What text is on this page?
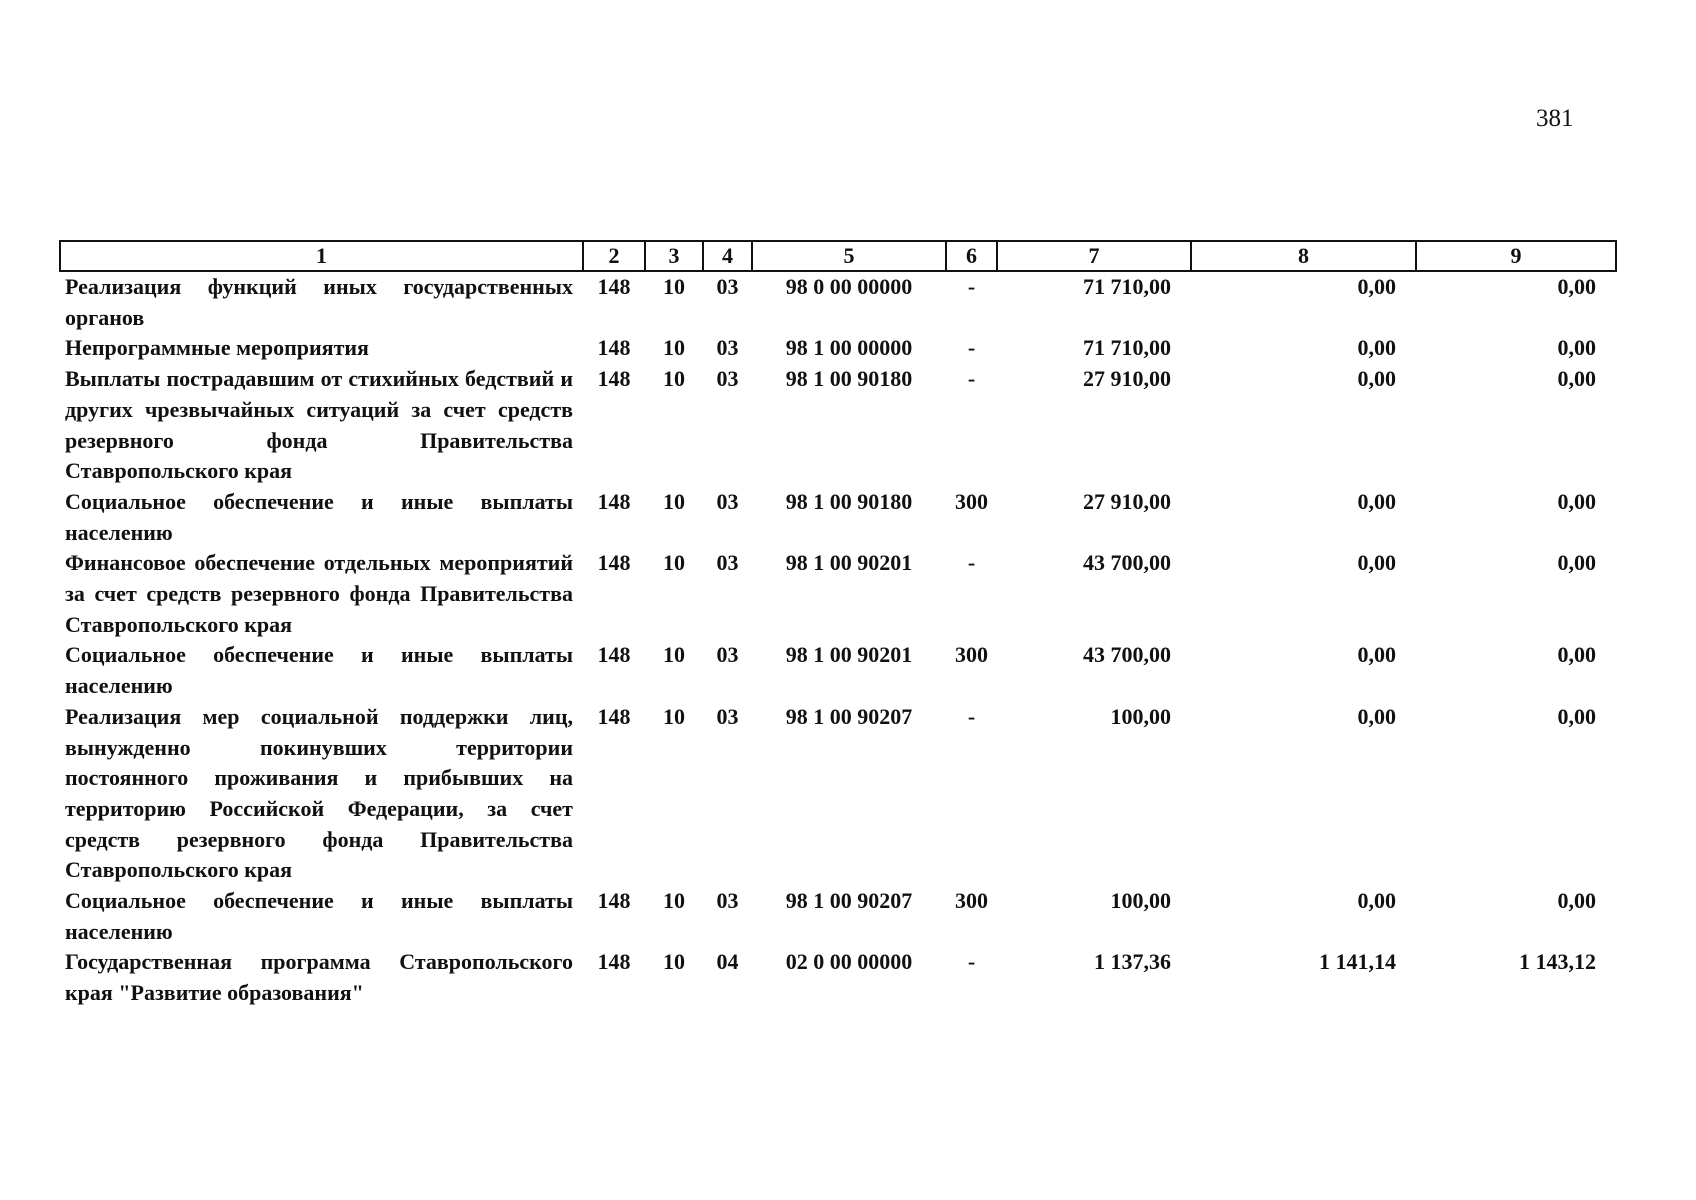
381
1	2	3	4	5	6	7	8	9
Реализация функций иных государственных органов	148	10	03	98 0 00 00000	-	71 710,00	0,00	0,00
Непрограммные мероприятия	148	10	03	98 1 00 00000	-	71 710,00	0,00	0,00
Выплаты пострадавшим от стихийных бедствий и других чрезвычайных ситуаций за счет средств резервного фонда Правительства Ставропольского края	148	10	03	98 1 00 90180	-	27 910,00	0,00	0,00
Социальное обеспечение и иные выплаты населению	148	10	03	98 1 00 90180	300	27 910,00	0,00	0,00
Финансовое обеспечение отдельных мероприятий за счет средств резервного фонда Правительства Ставропольского края	148	10	03	98 1 00 90201	-	43 700,00	0,00	0,00
Социальное обеспечение и иные выплаты населению	148	10	03	98 1 00 90201	300	43 700,00	0,00	0,00
Реализация мер социальной поддержки лиц, вынужденно покинувших территории постоянного проживания и прибывших на территорию Российской Федерации, за счет средств резервного фонда Правительства Ставропольского края	148	10	03	98 1 00 90207	-	100,00	0,00	0,00
Социальное обеспечение и иные выплаты населению	148	10	03	98 1 00 90207	300	100,00	0,00	0,00
Государственная программа Ставропольского края "Развитие образования"	148	10	04	02 0 00 00000	-	1 137,36	1 141,14	1 143,12
